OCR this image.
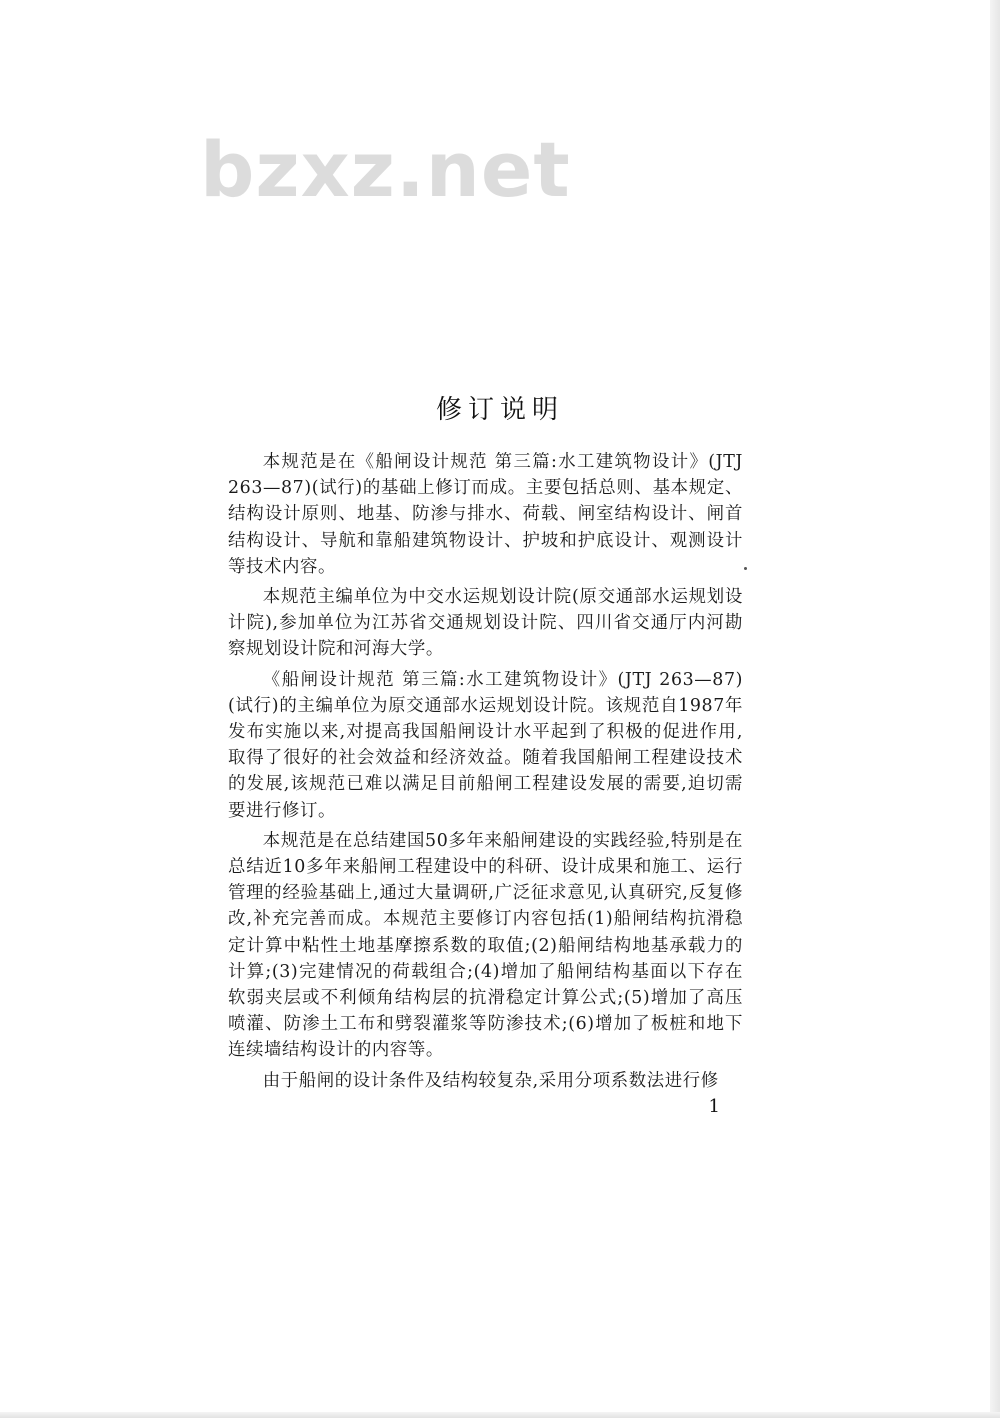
bzxz.net
修订说明

本规范是在《船闸设计规范 第三篇:水工建筑物设计》(JTJ 263—87)(试行)的基础上修订而成。主要包括总则、基本规定、结构设计原则、地基、防渗与排水、荷载、闸室结构设计、闸首结构设计、导航和靠船建筑物设计、护坡和护底设计、观测设计等技术内容。

本规范主编单位为中交水运规划设计院(原交通部水运规划设计院),参加单位为江苏省交通规划设计院、四川省交通厅内河勘察规划设计院和河海大学。

《船闸设计规范 第三篇:水工建筑物设计》(JTJ 263—87)(试行)的主编单位为原交通部水运规划设计院。该规范自1987年发布实施以来,对提高我国船闸设计水平起到了积极的促进作用,取得了很好的社会效益和经济效益。随着我国船闸工程建设技术的发展,该规范已难以满足目前船闸工程建设发展的需要,迫切需要进行修订。

本规范是在总结建国50多年来船闸建设的实践经验,特别是在总结近10多年来船闸工程建设中的科研、设计成果和施工、运行管理的经验基础上,通过大量调研,广泛征求意见,认真研究,反复修改,补充完善而成。本规范主要修订内容包括(1)船闸结构抗滑稳定计算中粘性土地基摩擦系数的取值;(2)船闸结构地基承载力的计算;(3)完建情况的荷载组合;(4)增加了船闸结构基面以下存在软弱夹层或不利倾角结构层的抗滑稳定计算公式;(5)增加了高压喷灌、防渗土工布和劈裂灌浆等防渗技术;(6)增加了板桩和地下连续墙结构设计的内容等。

由于船闸的设计条件及结构较复杂,采用分项系数法进行修

1
